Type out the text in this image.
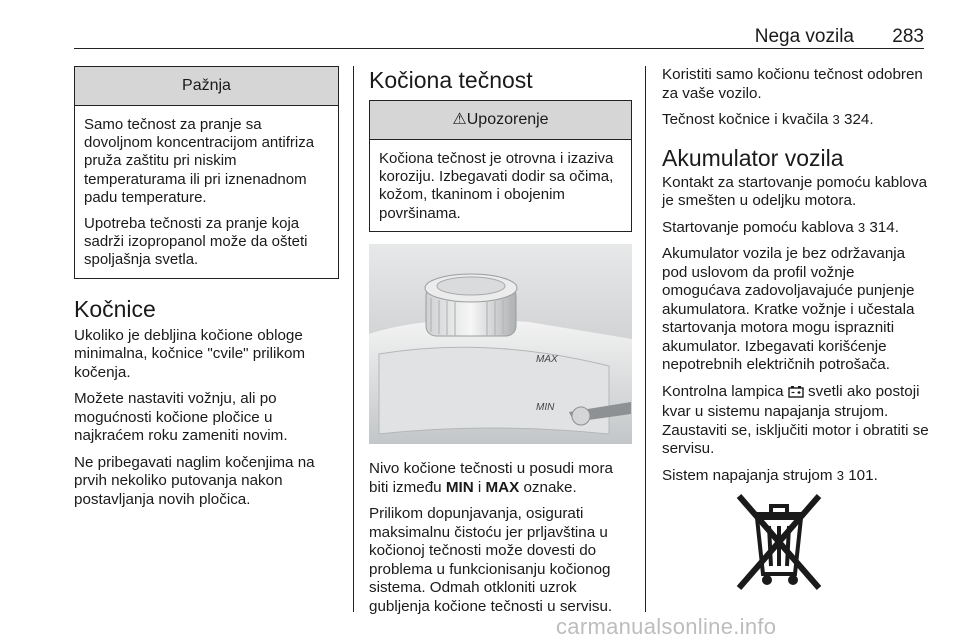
Nega vozila 283
Pažnja

Samo tečnost za pranje sa dovoljnom koncentracijom antifriza pruža zaštitu pri niskim temperaturama ili pri iznenadnom padu temperature.

Upotreba tečnosti za pranje koja sadrži izopropanol može da ošteti spoljašnja svetla.

Kočnice

Ukoliko je debljina kočione obloge minimalna, kočnice "cvile" prilikom kočenja.

Možete nastaviti vožnju, ali po mogućnosti kočione pločice u najkraćem roku zameniti novim.

Ne pribegavati naglim kočenjima na prvih nekoliko putovanja nakon postavljanja novih pločica.

Kočiona tečnost
⚠Upozorenje

Kočiona tečnost je otrovna i izaziva koroziju. Izbegavati dodir sa očima, kožom, tkaninom i obojenim površinama.

MAX
MIN

Nivo kočione tečnosti u posudi mora biti između MIN i MAX oznake.

Prilikom dopunjavanja, osigurati maksimalnu čistoću jer prljavština u kočionoj tečnosti može dovesti do problema u funkcionisanju kočionog sistema. Odmah otkloniti uzrok gubljenja kočione tečnosti u servisu.

Koristiti samo kočionu tečnost odobren za vaše vozilo.

Tečnost kočnice i kvačila 3 324.

Akumulator vozila

Kontakt za startovanje pomoću kablova je smešten u odeljku motora.

Startovanje pomoću kablova 3 314.

Akumulator vozila je bez održavanja pod uslovom da profil vožnje omogućava zadovoljavajuće punjenje akumulatora. Kratke vožnje i učestala startovanja motora mogu isprazniti akumulator. Izbegavati korišćenje nepotrebnih električnih potrošača.

Kontrolna lampica svetli ako postoji kvar u sistemu napajanja strujom. Zaustaviti se, isključiti motor i obratiti se servisu.

Sistem napajanja strujom 3 101.

carmanualsonline.info
